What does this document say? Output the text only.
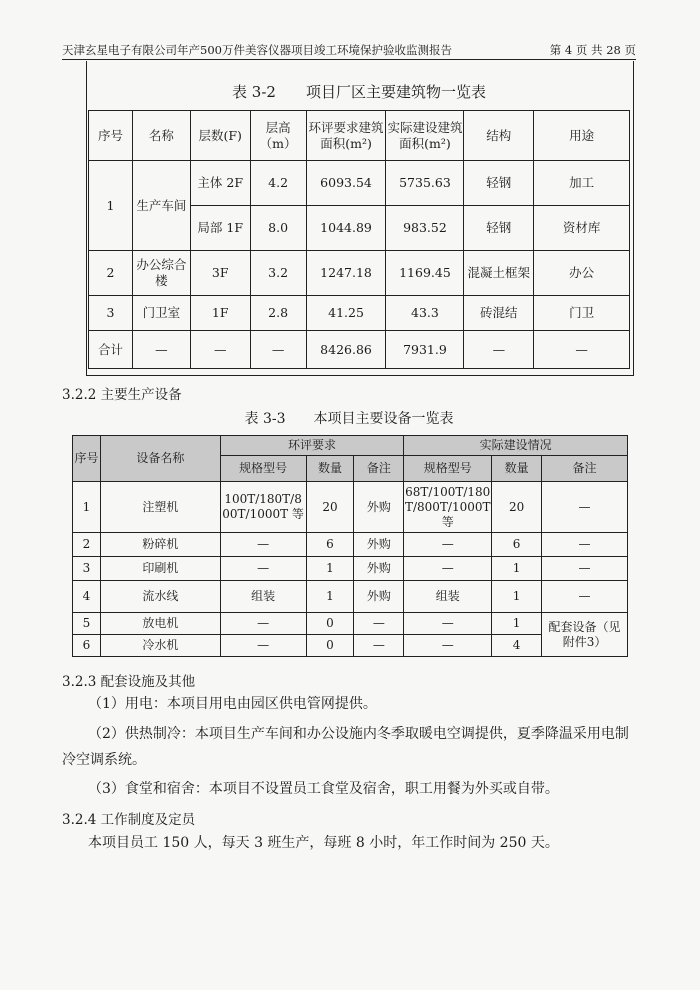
天津玄星电子有限公司年产500万件美容仪器项目竣工环境保护验收监测报告	第 4 页 共 28 页
表 3-2　　项目厂区主要建筑物一览表
序号	名称	层数(F)	层高（m）	环评要求建筑面积(m²)	实际建设建筑面积(m²)	结构	用途
1	生产车间	主体 2F	4.2	6093.54	5735.63	轻钢	加工
		局部 1F	8.0	1044.89	983.52	轻钢	资材库
2	办公综合楼	3F	3.2	1247.18	1169.45	混凝土框架	办公
3	门卫室	1F	2.8	41.25	43.3	砖混结	门卫
合计	—	—	—	8426.86	7931.9	—	—
3.2.2 主要生产设备
表 3-3　　本项目主要设备一览表
序号	设备名称	环评要求			实际建设情况		
		规格型号	数量	备注	规格型号	数量	备注
1	注塑机	100T/180T/800T/1000T 等	20	外购	68T/100T/180T/800T/1000T 等	20	—
2	粉碎机	—	6	外购	—	6	—
3	印刷机	—	1	外购	—	1	—
4	流水线	组装	1	外购	组装	1	—
5	放电机	—	0	—	—	1	配套设备（见附件3）
6	冷水机	—	0	—	—	4	
3.2.3 配套设施及其他
（1）用电：本项目用电由园区供电管网提供。
（2）供热制冷：本项目生产车间和办公设施内冬季取暖电空调提供，夏季降温采用电制冷空调系统。
（3）食堂和宿舍：本项目不设置员工食堂及宿舍，职工用餐为外买或自带。
3.2.4 工作制度及定员
本项目员工 150 人，每天 3 班生产，每班 8 小时，年工作时间为 250 天。
